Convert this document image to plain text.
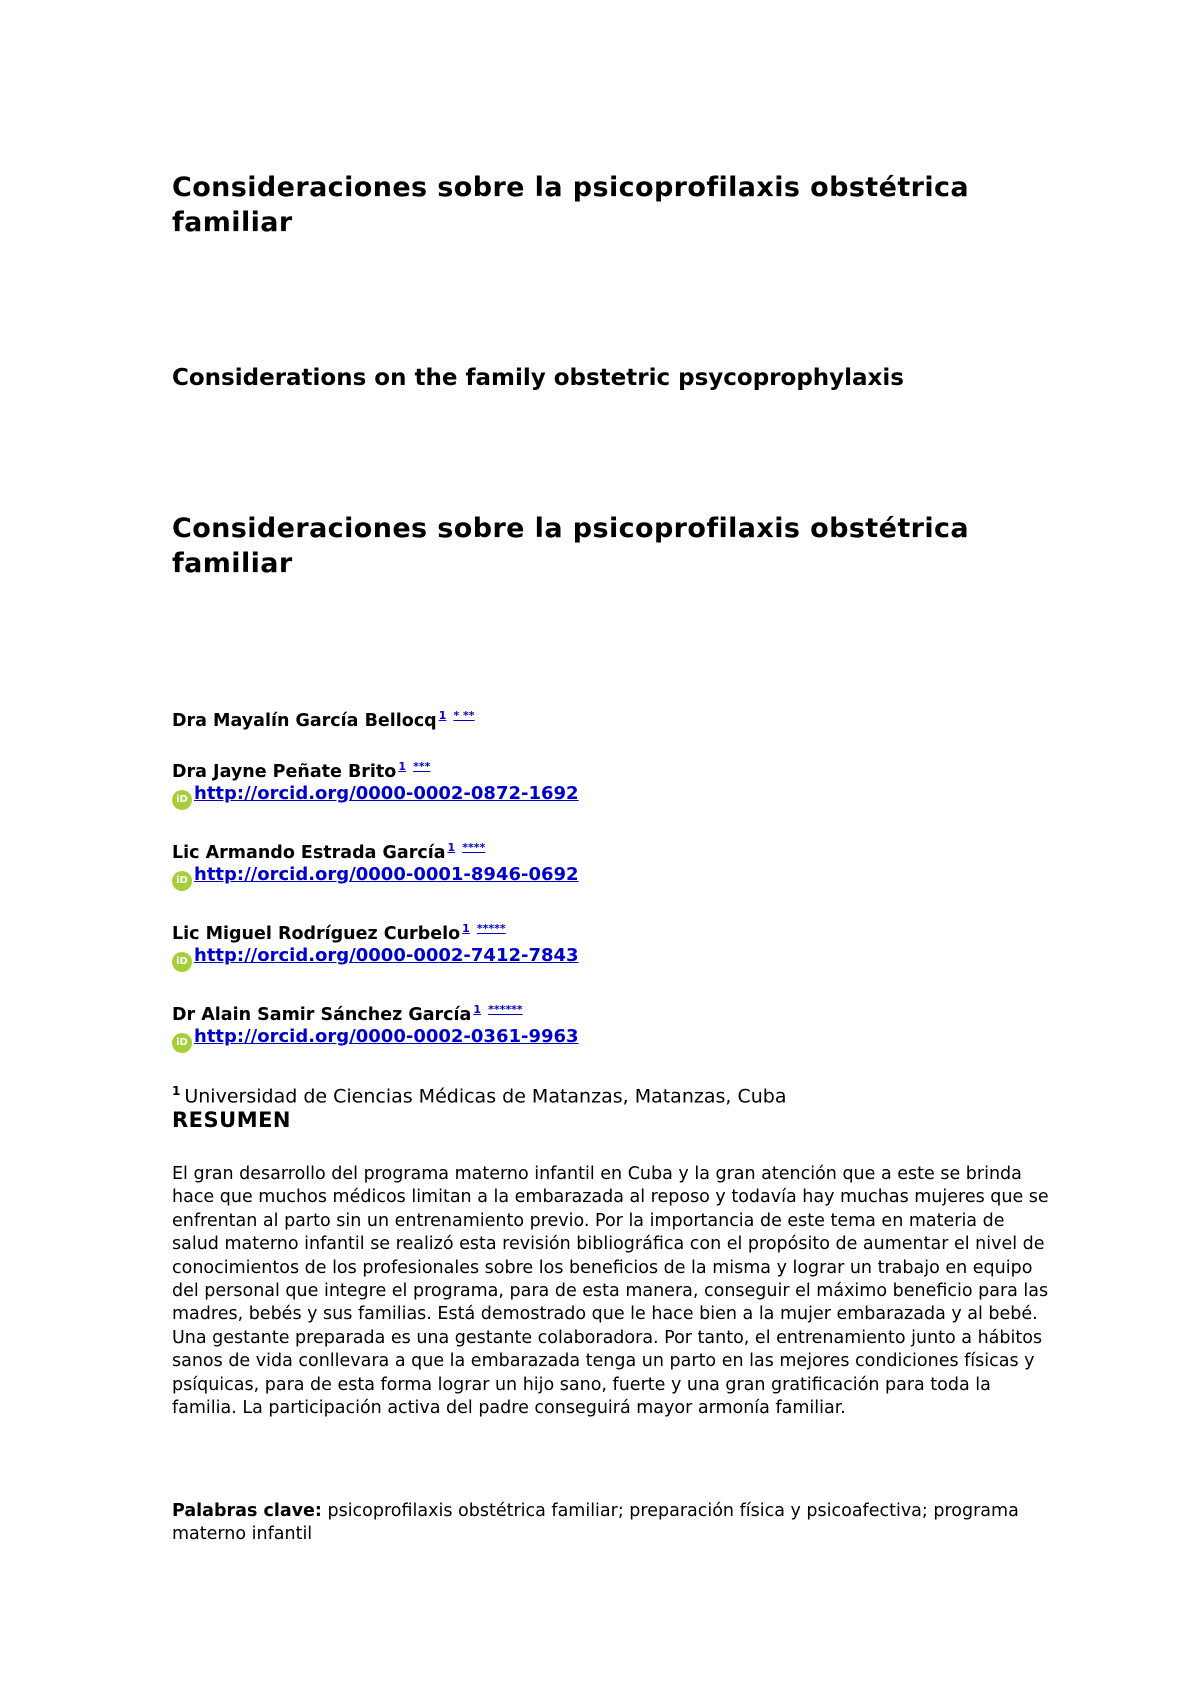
Consideraciones sobre la psicoprofilaxis obstétrica familiar
Considerations on the family obstetric psycoprophylaxis
Consideraciones sobre la psicoprofilaxis obstétrica familiar
Dra Mayalín García Bellocq $^{1 * **}$
Dra Jayne Peñate Brito $^{1 ***}$
iD http://orcid.org/0000-0002-0872-1692
Lic Armando Estrada García $^{1 ****}$
iD http://orcid.org/0000-0001-8946-0692
Lic Miguel Rodríguez Curbelo $^{1 *****}$
iD http://orcid.org/0000-0002-7412-7843
Dr Alain Samir Sánchez García $^{1 ******}$
iD http://orcid.org/0000-0002-0361-9963
$^1$ Universidad de Ciencias Médicas de Matanzas, Matanzas, Cuba
RESUMEN

El gran desarrollo del programa materno infantil en Cuba y la gran atención que a este se brinda hace que muchos médicos limitan a la embarazada al reposo y todavía hay muchas mujeres que se enfrentan al parto sin un entrenamiento previo. Por la importancia de este tema en materia de salud materno infantil se realizó esta revisión bibliográfica con el propósito de aumentar el nivel de conocimientos de los profesionales sobre los beneficios de la misma y lograr un trabajo en equipo del personal que integre el programa, para de esta manera, conseguir el máximo beneficio para las madres, bebés y sus familias. Está demostrado que le hace bien a la mujer embarazada y al bebé. Una gestante preparada es una gestante colaboradora. Por tanto, el entrenamiento junto a hábitos sanos de vida conllevara a que la embarazada tenga un parto en las mejores condiciones físicas y psíquicas, para de esta forma lograr un hijo sano, fuerte y una gran gratificación para toda la familia. La participación activa del padre conseguirá mayor armonía familiar.

Palabras clave: psicoprofilaxis obstétrica familiar; preparación física y psicoafectiva; programa materno infantil
